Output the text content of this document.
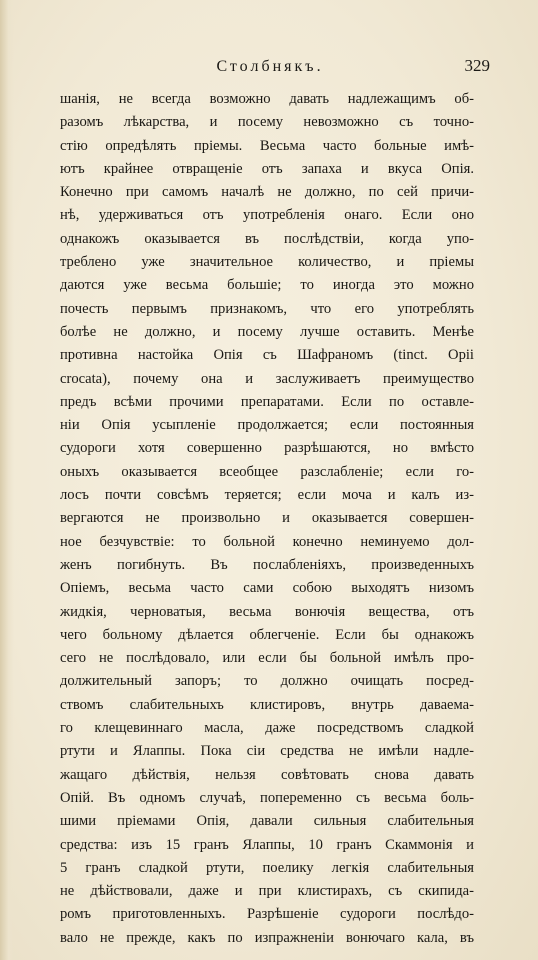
Столбнякъ.	329
шанія, не всегда возможно давать надлежащимъ об-
разомъ лѣкарства, и посему невозможно съ точно-
стію опредѣлять пріемы. Весьма часто больные имѣ-
ютъ крайнее отвращеніе отъ запаха и вкуса Опія.
Конечно при самомъ началѣ не должно, по сей причи-
нѣ, удерживаться отъ употребленія онаго. Если оно
однакожъ оказывается въ послѣдствіи, когда упо-
треблено уже значительное количество, и пріемы
даются уже весьма большіе; то иногда это можно
почесть первымъ признакомъ, что его употреблять
болѣе не должно, и посему лучше оставить. Менѣе
противна настойка Опія съ Шафраномъ (tinct. Opii
crocata), почему она и заслуживаетъ преимущество
предъ всѣми прочими препаратами. Если по оставле-
ніи Опія усыпленіе продолжается; если постоянныя
судороги хотя совершенно разрѣшаются, но вмѣсто
оныхъ оказывается всеобщее разслабленіе; если го-
лосъ почти совсѣмъ теряется; если моча и калъ из-
вергаются не произвольно и оказывается совершен-
ное безчувствіе: то больной конечно неминуемо дол-
женъ погибнуть. Въ послабленіяхъ, произведенныхъ
Опіемъ, весьма часто сами собою выходятъ низомъ
жидкія, черноватыя, весьма вонючія вещества, отъ
чего больному дѣлается облегченіе. Если бы однакожъ
сего не послѣдовало, или если бы больной имѣлъ про-
должительный запоръ; то должно очищать посред-
ствомъ слабительныхъ клистировъ, внутрь даваема-
го клещевиннаго масла, даже посредствомъ сладкой
ртути и Ялаппы. Пока сіи средства не имѣли надле-
жащаго дѣйствія, нельзя совѣтовать снова давать
Опій. Въ одномъ случаѣ, попеременно съ весьма боль-
шими пріемами Опія, давали сильныя слабительныя
средства: изъ 15 гранъ Ялаппы, 10 гранъ Скаммонія и
5 гранъ сладкой ртути, поелику легкія слабительныя
не дѣйствовали, даже и при клистирахъ, съ скипида-
ромъ приготовленныхъ. Разрѣшеніе судороги послѣдо-
вало не прежде, какъ по изпражненіи вонючаго кала, въ
